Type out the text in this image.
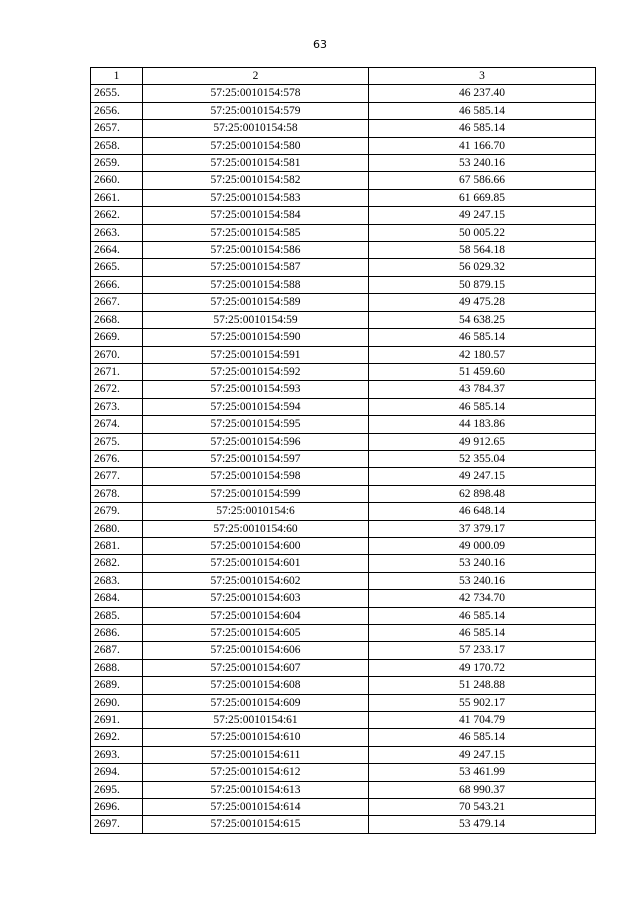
63
1	2	3
2655.	57:25:0010154:578	46 237.40
2656.	57:25:0010154:579	46 585.14
2657.	57:25:0010154:58	46 585.14
2658.	57:25:0010154:580	41 166.70
2659.	57:25:0010154:581	53 240.16
2660.	57:25:0010154:582	67 586.66
2661.	57:25:0010154:583	61 669.85
2662.	57:25:0010154:584	49 247.15
2663.	57:25:0010154:585	50 005.22
2664.	57:25:0010154:586	58 564.18
2665.	57:25:0010154:587	56 029.32
2666.	57:25:0010154:588	50 879.15
2667.	57:25:0010154:589	49 475.28
2668.	57:25:0010154:59	54 638.25
2669.	57:25:0010154:590	46 585.14
2670.	57:25:0010154:591	42 180.57
2671.	57:25:0010154:592	51 459.60
2672.	57:25:0010154:593	43 784.37
2673.	57:25:0010154:594	46 585.14
2674.	57:25:0010154:595	44 183.86
2675.	57:25:0010154:596	49 912.65
2676.	57:25:0010154:597	52 355.04
2677.	57:25:0010154:598	49 247.15
2678.	57:25:0010154:599	62 898.48
2679.	57:25:0010154:6	46 648.14
2680.	57:25:0010154:60	37 379.17
2681.	57:25:0010154:600	49 000.09
2682.	57:25:0010154:601	53 240.16
2683.	57:25:0010154:602	53 240.16
2684.	57:25:0010154:603	42 734.70
2685.	57:25:0010154:604	46 585.14
2686.	57:25:0010154:605	46 585.14
2687.	57:25:0010154:606	57 233.17
2688.	57:25:0010154:607	49 170.72
2689.	57:25:0010154:608	51 248.88
2690.	57:25:0010154:609	55 902.17
2691.	57:25:0010154:61	41 704.79
2692.	57:25:0010154:610	46 585.14
2693.	57:25:0010154:611	49 247.15
2694.	57:25:0010154:612	53 461.99
2695.	57:25:0010154:613	68 990.37
2696.	57:25:0010154:614	70 543.21
2697.	57:25:0010154:615	53 479.14
